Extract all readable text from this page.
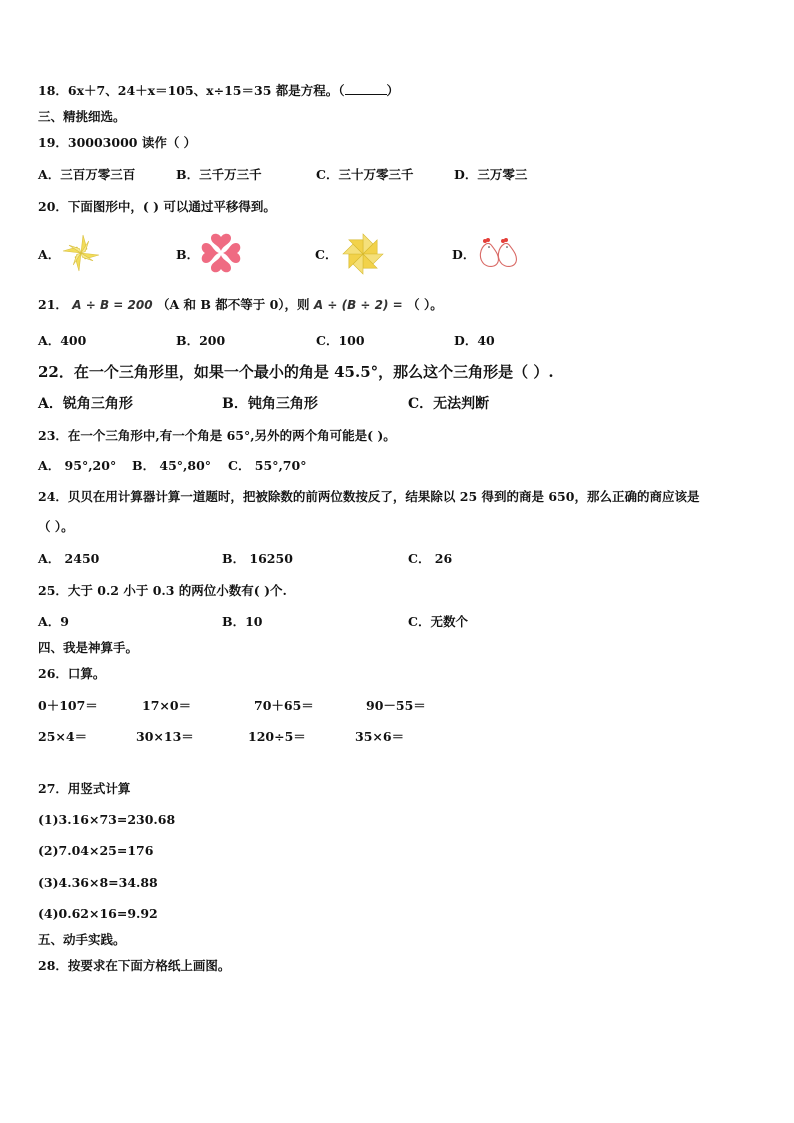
18．6x＋7、24＋x＝105、x÷15＝35 都是方程。（	）
三、精挑细选。
19．30003000 读作（ ）
A．三百万零三百	B．三千万三千	C．三十万零三千	D．三万零三
20．下面图形中，( ) 可以通过平移得到。
A．	B．	C．	D．
21． A ÷ B = 200 （A 和 B 都不等于 0），则 A ÷ (B ÷ 2) = （ ）。
A．400	B．200	C．100	D．40
22．在一个三角形里，如果一个最小的角是 45.5°，那么这个三角形是（ ）.
A．锐角三角形	B．钝角三角形	C．无法判断
23．在一个三角形中,有一个角是 65°,另外的两个角可能是( )。
A． 95°,20°	B． 45°,80°	C． 55°,70°
24．贝贝在用计算器计算一道题时，把被除数的前两位数按反了，结果除以 25 得到的商是 650，那么正确的商应该是
（ ）。
A． 2450	B． 16250	C． 26
25．大于 0.2 小于 0.3 的两位小数有( )个.
A．9	B．10	C．无数个
四、我是神算手。
26．口算。
0＋107＝	17×0＝	70＋65＝	90－55＝
25×4＝	30×13＝	120÷5＝	35×6＝
27．用竖式计算
(1)3.16×73=230.68
(2)7.04×25=176
(3)4.36×8=34.88
(4)0.62×16=9.92
五、动手实践。
28．按要求在下面方格纸上画图。
